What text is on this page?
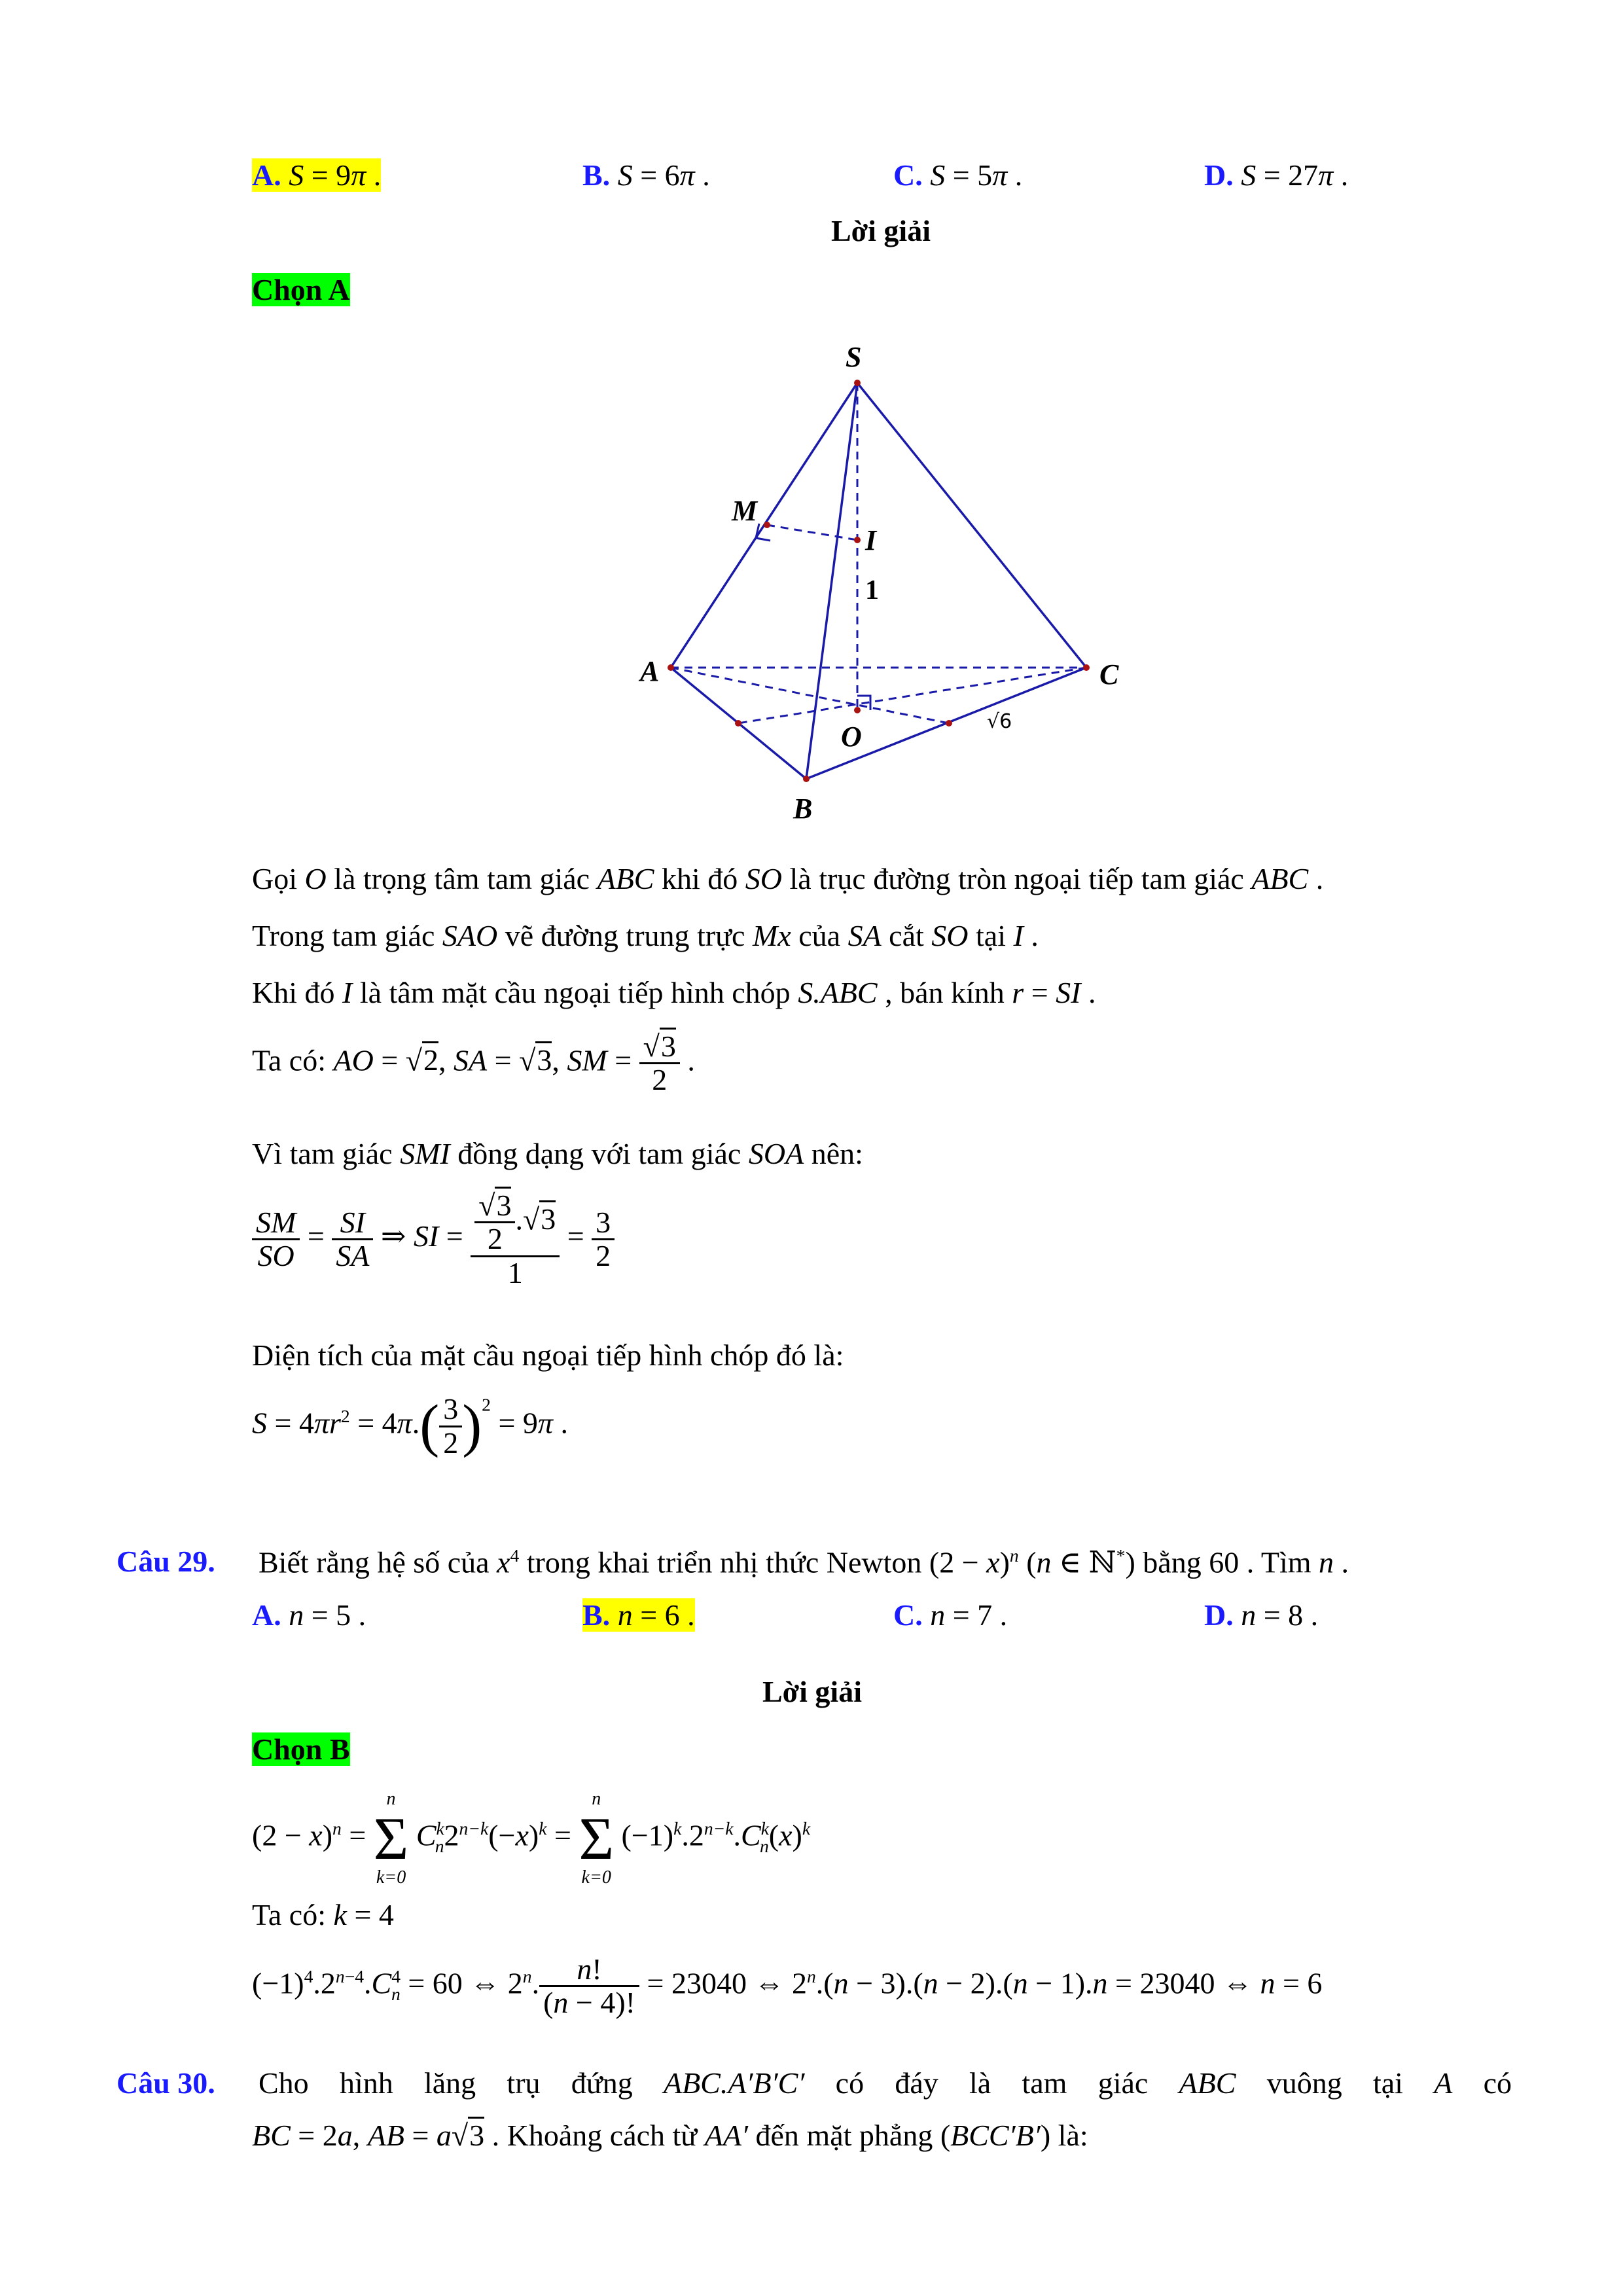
A. S = 9π .	B. S = 6π .	C. S = 5π .	D. S = 27π .
Lời giải
Chọn A
S
M
I
A	C
O
B
1
√6
Gọi O là trọng tâm tam giác ABC khi đó SO là trục đường tròn ngoại tiếp tam giác ABC .
Trong tam giác SAO vẽ đường trung trực Mx của SA cắt SO tại I .
Khi đó I là tâm mặt cầu ngoại tiếp hình chóp S.ABC , bán kính r = SI .
Ta có: AO = √2, SA = √3, SM = $\frac{√3}{2}$ .
Vì tam giác SMI đồng dạng với tam giác SOA nên:
$\frac{SM}{SO} = \frac{SI}{SA}$ ⇒ SI = $\frac{\frac{√3}{2} .√3}{1} = \frac{3}{2}$
Diện tích của mặt cầu ngoại tiếp hình chóp đó là:
$S = 4\pi r^2 = 4\pi.( \frac{3}{2} )^2 = 9\pi$ .
Câu 29. Biết rằng hệ số của $x^4$ trong khai triển nhị thức Newton $(2 - x)^n$ (n ∈ ℕ*) bằng 60 . Tìm n .
A. n = 5 .	B. n = 6 .	C. n = 7 .	D. n = 8 .
Lời giải
Chọn B
$(2 - x)^n$ =
n
Σ
k=0
$C^k_n2^{n-k}(-x)^k$ =
n
Σ
k=0
$(-1)^k.2^{n-k}.C^k_n(x)^k$
Ta có: k = 4
$(-1)^4.2^{n-4}.C^4_n = 60$ ⇔ 2$^n$. $\frac{n!}{(n - 4)!} = 23040$ ⇔ $2^n.(n - 3).(n - 2).(n - 1).n = 23040$ ⇔ n = 6
Câu 30. Cho hình lăng trụ đứng ABC.A′B′C′ có đáy là tam giác ABC vuông tại A có
BC = 2a, AB = a√3 . Khoảng cách từ AA′ đến mặt phẳng (BCC′B′) là:
